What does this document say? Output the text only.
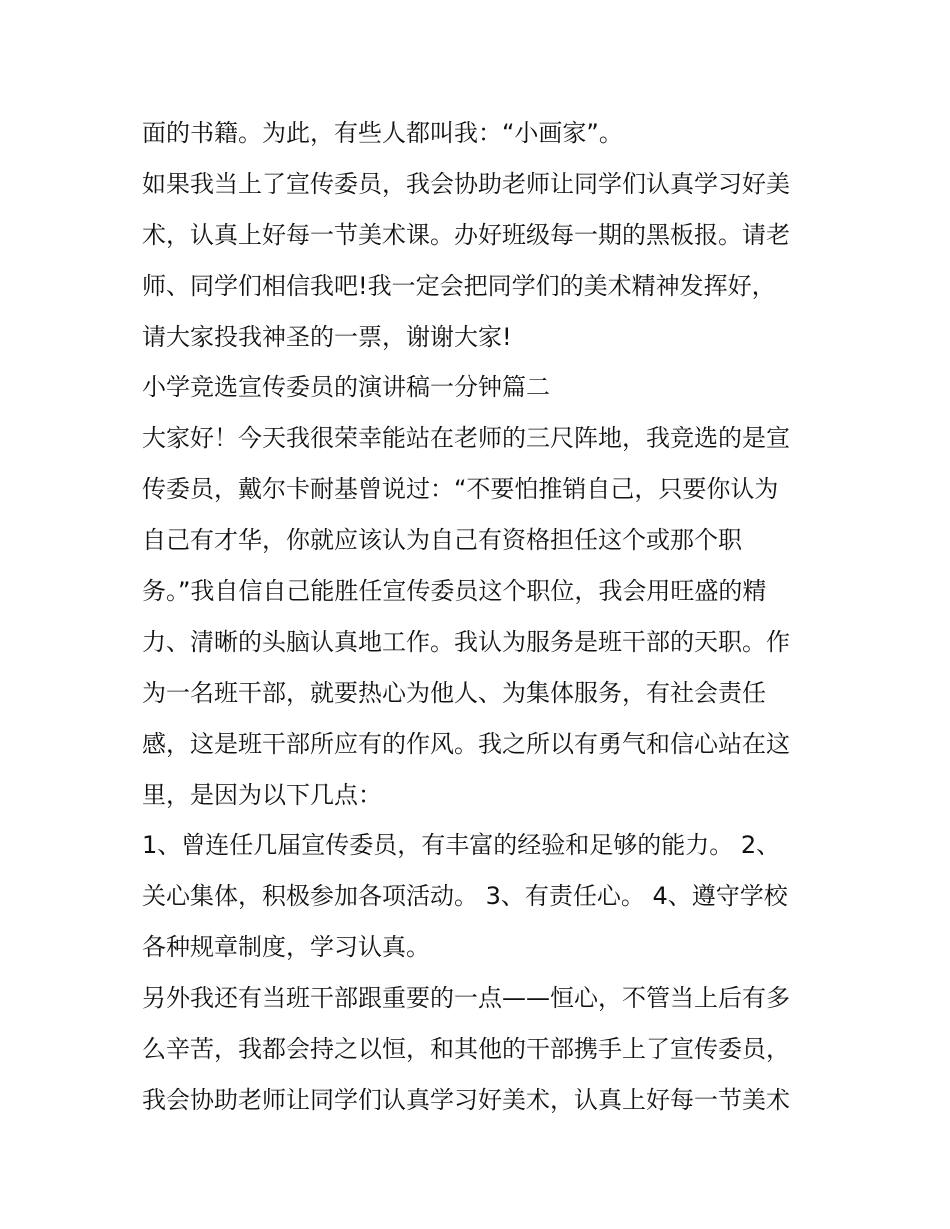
面的书籍。为此，有些人都叫我：“小画家”。
如果我当上了宣传委员，我会协助老师让同学们认真学习好美
术，认真上好每一节美术课。办好班级每一期的黑板报。请老
师、同学们相信我吧!我一定会把同学们的美术精神发挥好，
请大家投我神圣的一票，谢谢大家!
小学竞选宣传委员的演讲稿一分钟篇二
大家好！今天我很荣幸能站在老师的三尺阵地，我竞选的是宣
传委员，戴尔卡耐基曾说过：“不要怕推销自己，只要你认为
自己有才华，你就应该认为自己有资格担任这个或那个职
务。”我自信自己能胜任宣传委员这个职位，我会用旺盛的精
力、清晰的头脑认真地工作。我认为服务是班干部的天职。作
为一名班干部，就要热心为他人、为集体服务，有社会责任
感，这是班干部所应有的作风。我之所以有勇气和信心站在这
里，是因为以下几点：
1、曾连任几届宣传委员，有丰富的经验和足够的能力。 2、
关心集体，积极参加各项活动。 3、有责任心。 4、遵守学校
各种规章制度，学习认真。
另外我还有当班干部跟重要的一点——恒心，不管当上后有多
么辛苦，我都会持之以恒，和其他的干部携手上了宣传委员，
我会协助老师让同学们认真学习好美术，认真上好每一节美术
